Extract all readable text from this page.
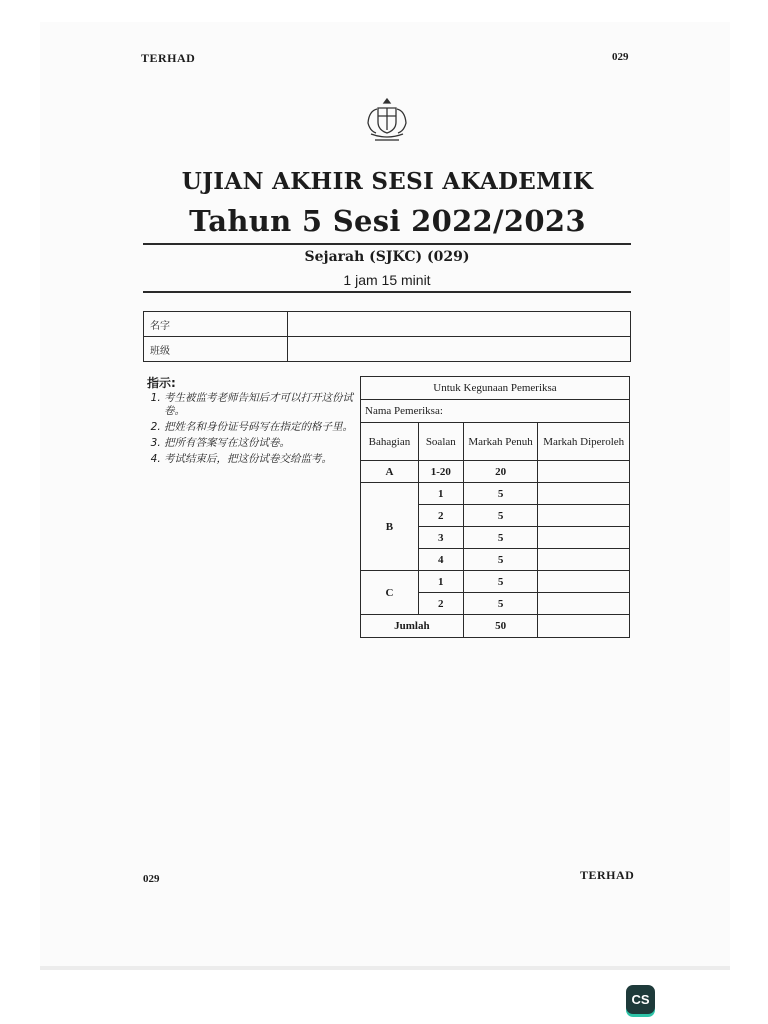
TERHAD	029
UJIAN AKHIR SESI AKADEMIK
Tahun 5 Sesi 2022/2023
Sejarah (SJKC) (029)
1 jam 15 minit
名字	
班级	
指示:
1. 考生被监考老师告知后才可以打开这份试卷。
2. 把姓名和身份证号码写在指定的格子里。
3. 把所有答案写在这份试卷。
4. 考试结束后，把这份试卷交给监考。
Untuk Kegunaan Pemeriksa			
Nama Pemeriksa:			
Bahagian	Soalan	Markah Penuh	Markah Diperoleh
A	1-20	20	
B	1	5	
	2	5	
	3	5	
	4	5	
C	1	5	
	2	5	
Jumlah		50	
029	TERHAD
CS
